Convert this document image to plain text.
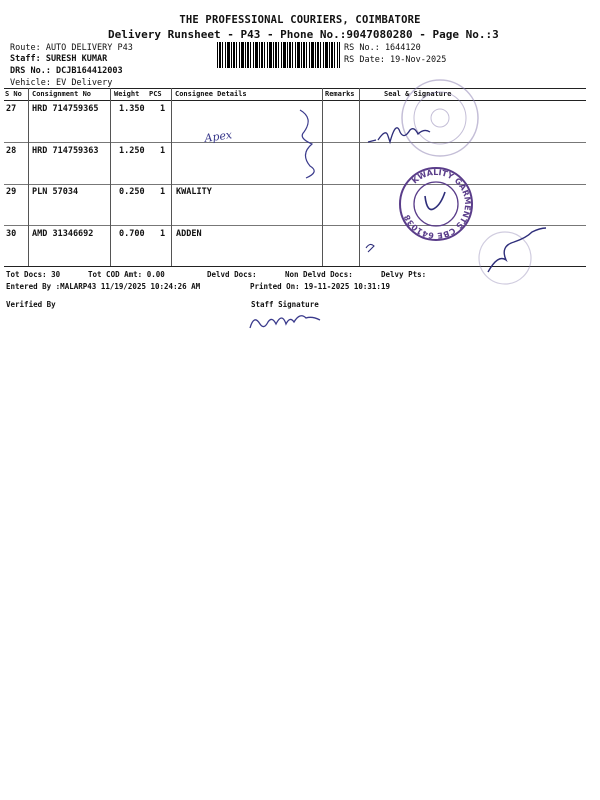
THE PROFESSIONAL COURIERS, COIMBATORE
Delivery Runsheet - P43 - Phone No.:9047080280 - Page No.:3
Route: AUTO DELIVERY P43
Staff: SURESH KUMAR
DRS No.: DCJB164412003
Vehicle: EV Delivery
RS No.: 1644120
RS Date: 19-Nov-2025
S No Consignment No	Weight PCS Consignee Details	Remarks	Seal & Signature
27 HRD 714759365 1.350 1
28 HRD 714759363 1.250 1
29 PLN 57034	0.250 1 KWALITY
30 AMD 31346692	0.700 1 ADDEN
Tot Docs: 30	Tot COD Amt: 0.00	Delvd Docs:	Non Delvd Docs:	Delvy Pts:
Entered By :MALARP43 11/19/2025 10:24:26 AM	Printed On: 19-11-2025 10:31:19
Verified By	Staff Signature
Apex
KWALITY GARMENTS CBE 641038
